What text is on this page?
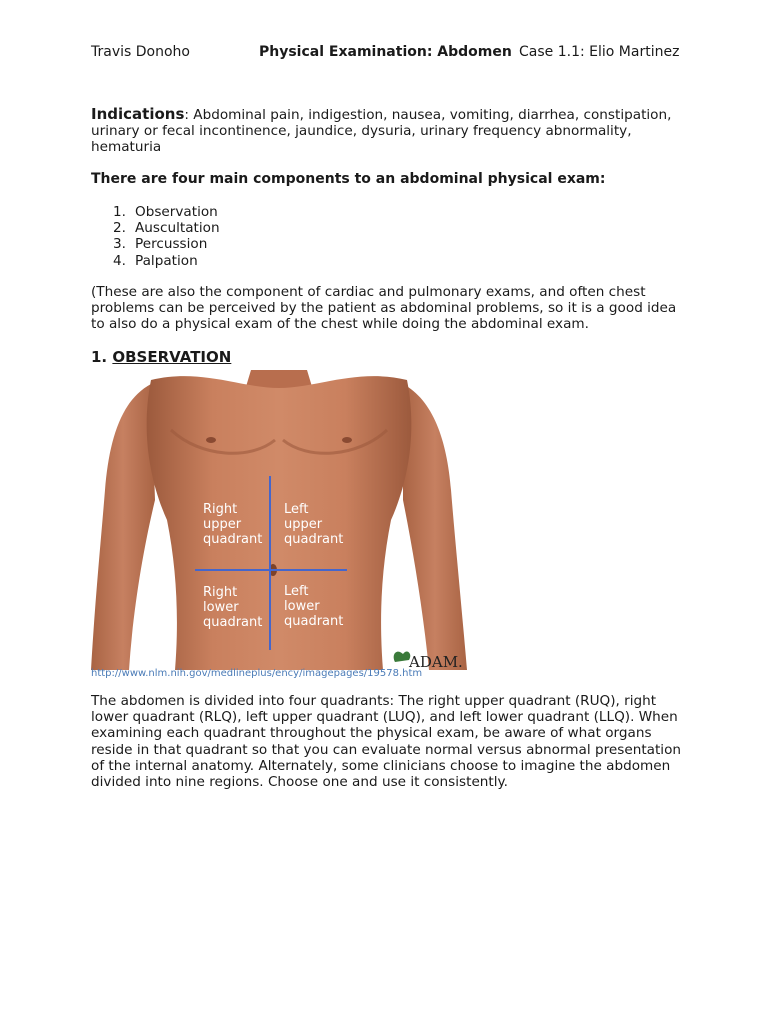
Travis Donoho	Physical Examination: Abdomen Case 1.1: Elio Martinez
Indications: Abdominal pain, indigestion, nausea, vomiting, diarrhea, constipation, urinary or fecal incontinence, jaundice, dysuria, urinary frequency abnormality, hematuria
There are four main components to an abdominal physical exam:
1. Observation
2. Auscultation
3. Percussion
4. Palpation
(These are also the component of cardiac and pulmonary exams, and often chest problems can be perceived by the patient as abdominal problems, so it is a good idea to also do a physical exam of the chest while doing the abdominal exam.
1. OBSERVATION
Right
upper
quadrant
Left
upper
quadrant
Right
lower
quadrant
Left
lower
quadrant
ADAM.
http://www.nlm.nih.gov/medlineplus/ency/imagepages/19578.htm
The abdomen is divided into four quadrants: The right upper quadrant (RUQ), right lower quadrant (RLQ), left upper quadrant (LUQ), and left lower quadrant (LLQ). When examining each quadrant throughout the physical exam, be aware of what organs reside in that quadrant so that you can evaluate normal versus abnormal presentation of the internal anatomy. Alternately, some clinicians choose to imagine the abdomen divided into nine regions. Choose one and use it consistently.
